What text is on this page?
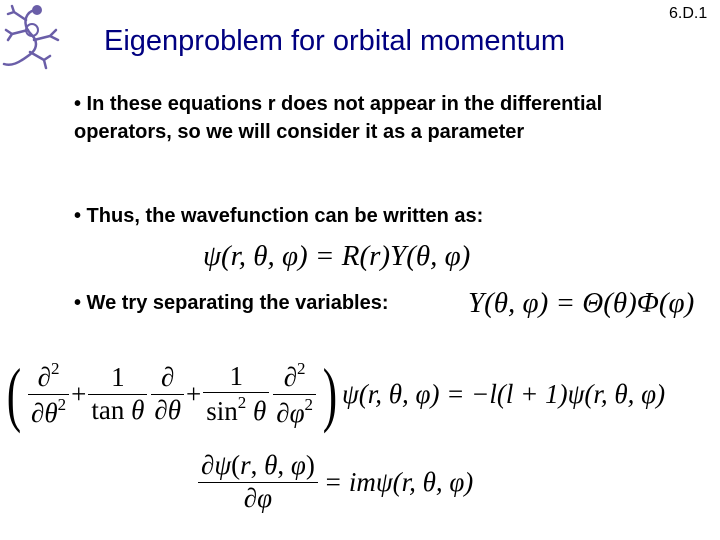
6.D.1
Eigenproblem for orbital momentum
• In these equations r does not appear in the differential operators, so we will consider it as a parameter
• Thus, the wavefunction can be written as:
• We try separating the variables:
ψ(r, θ, φ) = R(r)Y(θ, φ)
Y(θ, φ) = Θ(θ)Φ(φ)
( $\frac{\partial^2}{\partial\theta^2} + \frac{1}{\text{tan θ}} \frac{\partial}{\partial\theta} + \frac{1}{\sin^2 \theta} \frac{\partial^2}{\partial\varphi^2}$ ) ψ(r, θ, φ) = −l(l + 1)ψ(r, θ, φ)
$\frac{\partial\psi(r, \theta, \varphi)}{\partial\varphi} = im\psi(r$, θ, φ)
